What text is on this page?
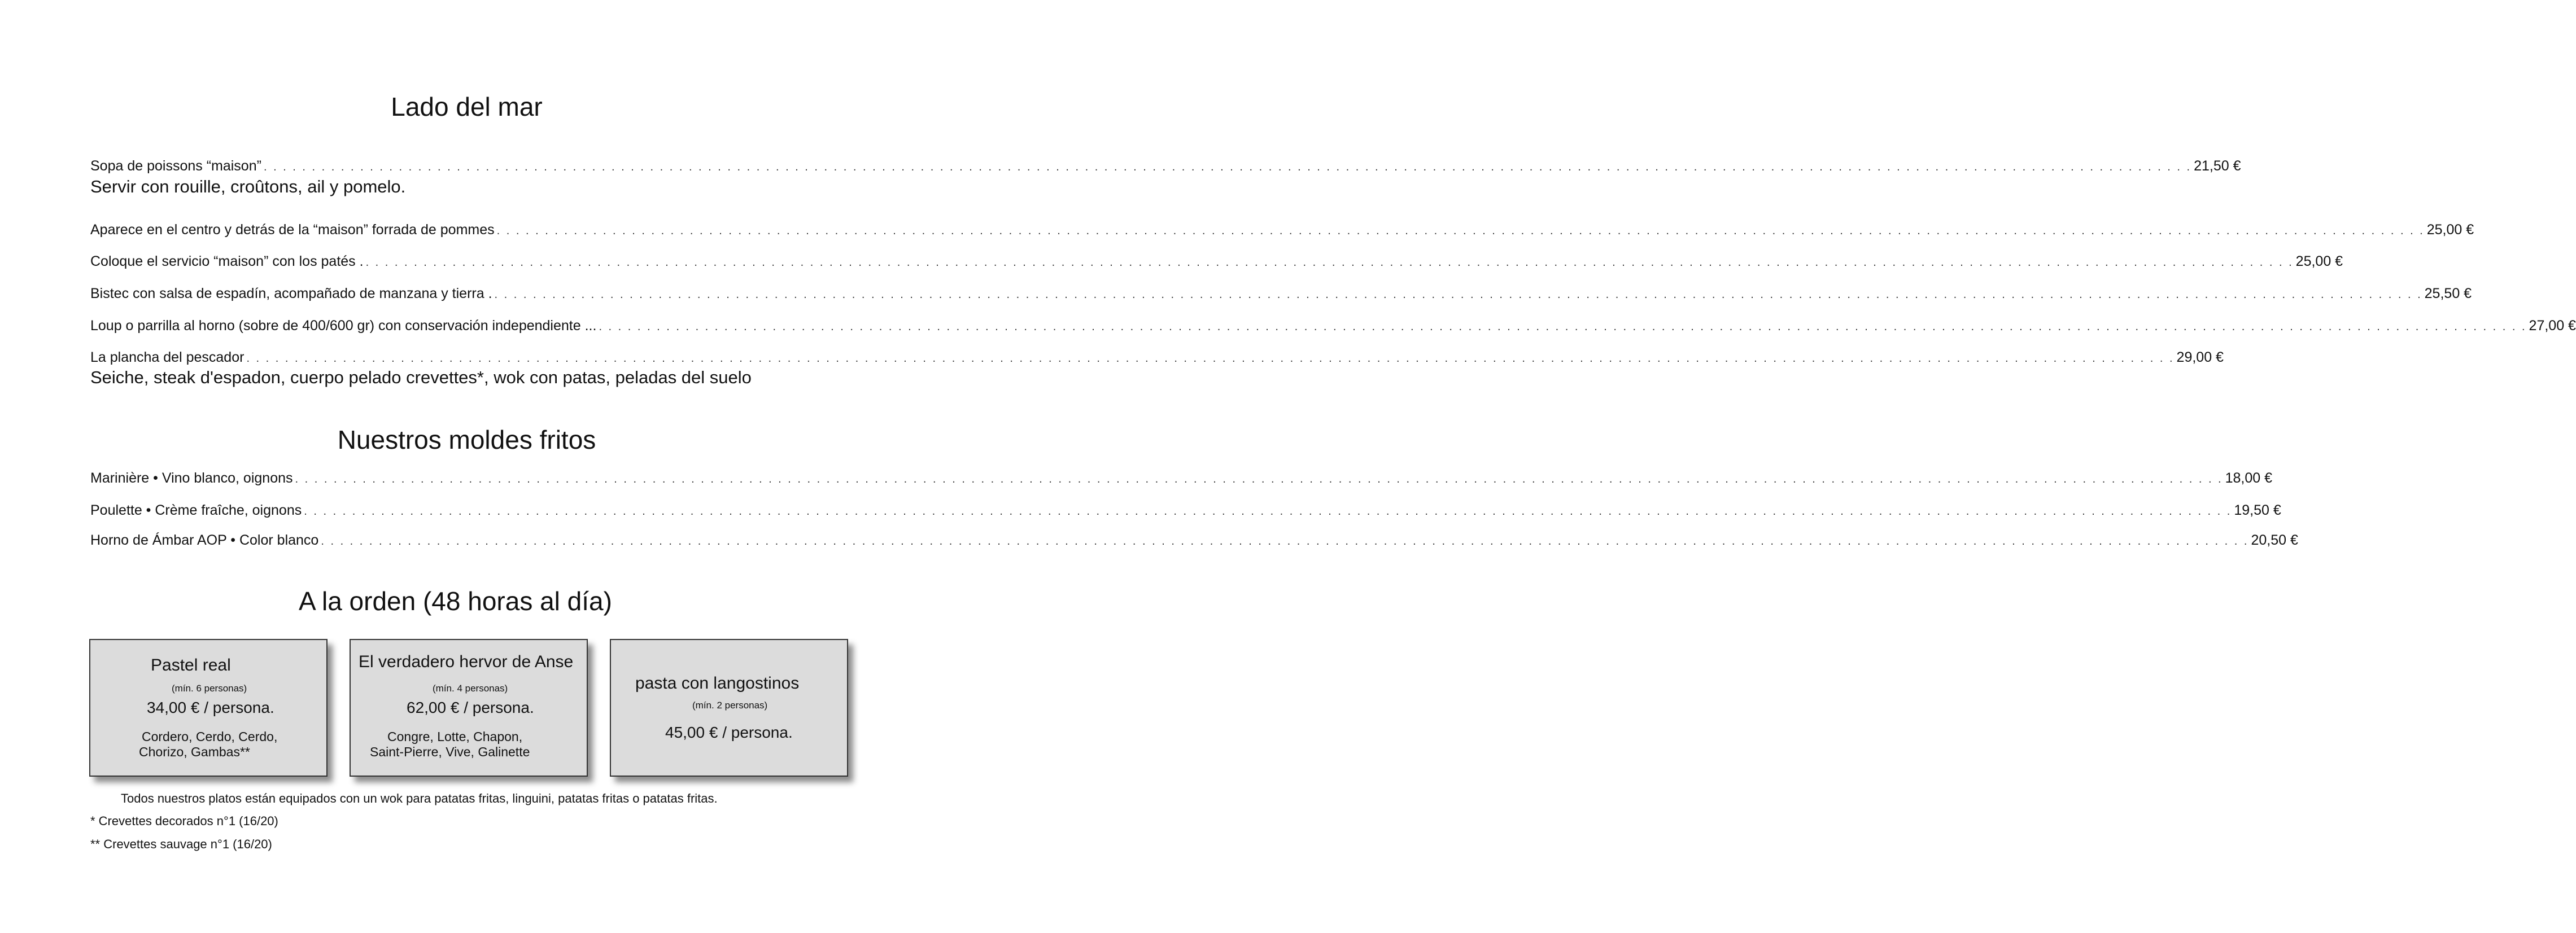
Lado del mar
Sopa de poissons “maison” . . . . . . . . . . . . . . . . . . . . . . . . . . . . . . . . . . . . . . . . . . . . . . . . . . . . . . . . . . . . . . . . . . . . . . . . . . . . . . . . . . . . . . . . . . . . . . . . . . . . . . . . . . . . . . . . . . . . . . . . . . . . . . . . . . . . . . . . . . . . . . . . . . . . . . . . . . . . . . . . . . . . . . . . . . . . . . . . . . . . . . . . . . . . . . . . . . . . . . . . 21,50 €
Servir con rouille, croûtons, ail y pomelo.
Aparece en el centro y detrás de la “maison” forrada de pommes . . . . . . . . . . . . . . . . . . . . . . . . . . . . . . . . . . . . . . . . . . . . . . . . . . . . . . . . . . . . . . . . . . . . . . . . . . . . . . . . . . . . . . . . . . . . . . . . . . . . . . . . . . . . . . . . . . . . . . . . . . . . . . . . . . . . . . . . . . . . . . . . . . . . . . . . . . . . . . . . . . . . . . . . . . . . . . . . . . . . . . . . . . . . . . . . . . . . . . . . 25,00 €
Coloque el servicio “maison” con los patés . . . . . . . . . . . . . . . . . . . . . . . . . . . . . . . . . . . . . . . . . . . . . . . . . . . . . . . . . . . . . . . . . . . . . . . . . . . . . . . . . . . . . . . . . . . . . . . . . . . . . . . . . . . . . . . . . . . . . . . . . . . . . . . . . . . . . . . . . . . . . . . . . . . . . . . . . . . . . . . . . . . . . . . . . . . . . . . . . . . . . . . . . . . . . . . . . . . . . . . . . 25,00 €
Bistec con salsa de espadín, acompañado de manzana y tierra . . . . . . . . . . . . . . . . . . . . . . . . . . . . . . . . . . . . . . . . . . . . . . . . . . . . . . . . . . . . . . . . . . . . . . . . . . . . . . . . . . . . . . . . . . . . . . . . . . . . . . . . . . . . . . . . . . . . . . . . . . . . . . . . . . . . . . . . . . . . . . . . . . . . . . . . . . . . . . . . . . . . . . . . . . . . . . . . . . . . . . . . . . . . . . . . . . . . . . . . . 25,50 €
Loup o parrilla al horno (sobre de 400/600 gr) con conservación independiente ... . . . . . . . . . . . . . . . . . . . . . . . . . . . . . . . . . . . . . . . . . . . . . . . . . . . . . . . . . . . . . . . . . . . . . . . . . . . . . . . . . . . . . . . . . . . . . . . . . . . . . . . . . . . . . . . . . . . . . . . . . . . . . . . . . . . . . . . . . . . . . . . . . . . . . . . . . . . . . . . . . . . . . . . . . . . . . . . . . . . . . . . . . . . . . . . . . . . . . . . . 27,00 €
La plancha del pescador . . . . . . . . . . . . . . . . . . . . . . . . . . . . . . . . . . . . . . . . . . . . . . . . . . . . . . . . . . . . . . . . . . . . . . . . . . . . . . . . . . . . . . . . . . . . . . . . . . . . . . . . . . . . . . . . . . . . . . . . . . . . . . . . . . . . . . . . . . . . . . . . . . . . . . . . . . . . . . . . . . . . . . . . . . . . . . . . . . . . . . . . . . . . . . . . . . . . . . . . 29,00 €
Seiche, steak d'espadon, cuerpo pelado crevettes*, wok con patas, peladas del suelo
Nuestros moldes fritos
Marinière • Vino blanco, oignons . . . . . . . . . . . . . . . . . . . . . . . . . . . . . . . . . . . . . . . . . . . . . . . . . . . . . . . . . . . . . . . . . . . . . . . . . . . . . . . . . . . . . . . . . . . . . . . . . . . . . . . . . . . . . . . . . . . . . . . . . . . . . . . . . . . . . . . . . . . . . . . . . . . . . . . . . . . . . . . . . . . . . . . . . . . . . . . . . . . . . . . . . . . . . . . . . . . . . . . . 18,00 €
Poulette • Crème fraîche, oignons . . . . . . . . . . . . . . . . . . . . . . . . . . . . . . . . . . . . . . . . . . . . . . . . . . . . . . . . . . . . . . . . . . . . . . . . . . . . . . . . . . . . . . . . . . . . . . . . . . . . . . . . . . . . . . . . . . . . . . . . . . . . . . . . . . . . . . . . . . . . . . . . . . . . . . . . . . . . . . . . . . . . . . . . . . . . . . . . . . . . . . . . . . . . . . . . . . . . . . . . 19,50 €
Horno de Ámbar AOP • Color blanco . . . . . . . . . . . . . . . . . . . . . . . . . . . . . . . . . . . . . . . . . . . . . . . . . . . . . . . . . . . . . . . . . . . . . . . . . . . . . . . . . . . . . . . . . . . . . . . . . . . . . . . . . . . . . . . . . . . . . . . . . . . . . . . . . . . . . . . . . . . . . . . . . . . . . . . . . . . . . . . . . . . . . . . . . . . . . . . . . . . . . . . . . . . . . . . . . . . . . . . . 20,50 €
A la orden (48 horas al día)
Pastel real
(mín. 6 personas)
34,00 € / persona.
Cordero, Cerdo, Cerdo,
Chorizo, Gambas**
El verdadero hervor de Anse
(mín. 4 personas)
62,00 € / persona.
Congre, Lotte, Chapon,
Saint-Pierre, Vive, Galinette
pasta con langostinos
(mín. 2 personas)
45,00 € / persona.
Todos nuestros platos están equipados con un wok para patatas fritas, linguini, patatas fritas o patatas fritas.
* Crevettes decorados n°1 (16/20)
** Crevettes sauvage n°1 (16/20)
